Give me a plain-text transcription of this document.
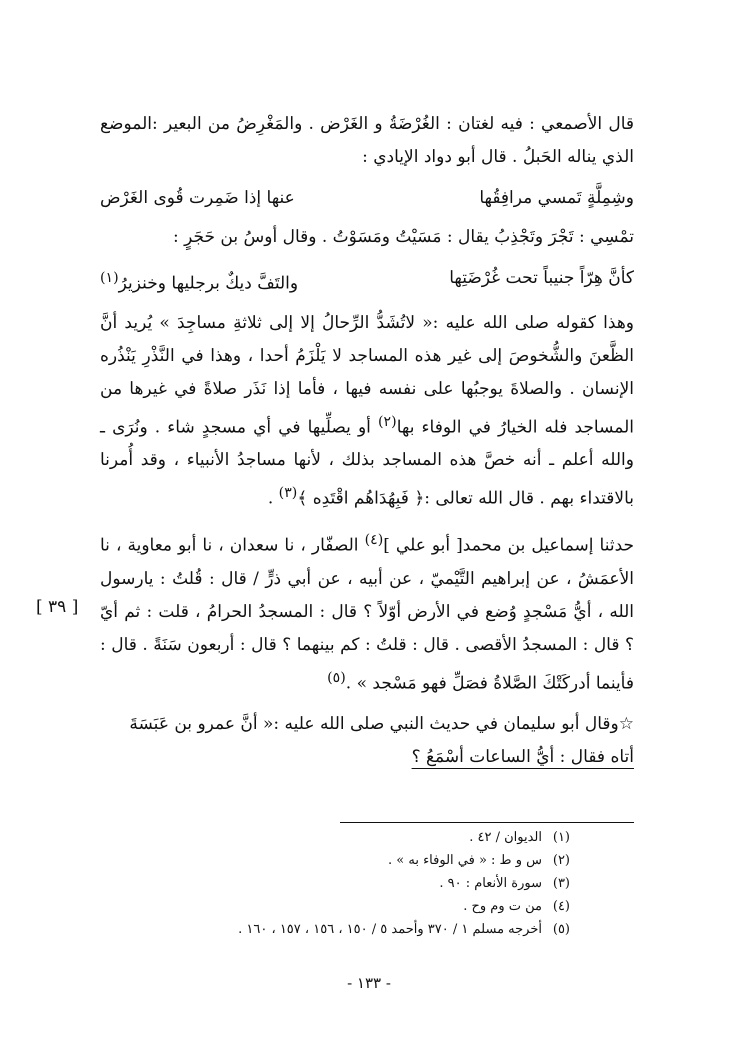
قال الأصمعي : فيه لغتان : الغُرْضَةُ و الغَرْض . والمَغْرِضُ من البعير :الموضع الذي يناله الحَبلُ . قال أبو دواد الإيادي :

وشِمِلَّةٍ تَمسي مرافِقُها
عنها إذا ضَمِرت قُوى الغَرْض

تمْسِي : تَجْرَ وتَجْذِبُ يقال : مَسَيْتُ ومَسَوْتُ . وقال أوسُ بن حَجَرٍ :

كأنَّ هِرّاً جنيباً تحت غُرْضَتِها
والتَفَّ ديكٌ برجليها وخنزيرُ$^{(١)}$

وهذا كقوله صلى الله عليه :« لاتُشَدُّ الرِّحالُ إلا إلى ثلاثةِ مساجِدَ » يُريد أنَّ الظَّعنَ والشُّخوصَ إلى غير هذه المساجد لا يَلْزَمُ أحدا ، وهذا في النَّذْرِ يَنْذُره الإنسان . والصلاةَ يوجبُها على نفسه فيها ، فأما إذا نَذَر صلاةً في غيرها من المساجد فله الخيارُ في الوفاء بها$^{(٢)}$ أو يصلِّيها في أي مسجدٍ شاء . ونُرَى ـ والله أعلم ـ أنه خصَّ هذه المساجد بذلك ، لأنها مساجدُ الأنبياء ، وقد أُمرنا بالاقتداء بهم . قال الله تعالى :﴿ فَبِهُدَاهُم اقْتَدِه ﴾$^{(٣)}$ .

حدثنا إسماعيل بن محمد[ أبو علي ]$^{(٤)}$ الصفّار ، نا سعدان ، نا أبو معاوية ، نا الأعمَشُ ، عن إبراهيم التَّيْميّ ، عن أبيه ، عن أبي ذرٍّ / قال : قُلتُ : يارسول الله ، أيُّ مَسْجدٍ وُضع في الأرض أوّلاً ؟ قال : المسجدُ الحرامُ ، قلت : ثم أيّ ؟ قال : المسجدُ الأقصى . قال : قلتُ : كم بينهما ؟ قال : أربعون سَنَةً . قال : فأينما أدركَتْكَ الصَّلاةُ فصَلِّ فهو مَسْجد » .$^{(٥)}$

☆وقال أبو سليمان في حديث النبي صلى الله عليه :« أنَّ عمرو بن عَبَسَةَ
أتاه فقال : أيُّ الساعات أسْمَعُ ؟

[ ٣٩ ]
(١)الديوان / ٤٢ .
(٢)س و ط : « في الوفاء به » .
(٣)سورة الأنعام : ٩٠ .
(٤)من ت وم وح .
(٥)أخرجه مسلم ١ / ٣٧٠ وأحمد ٥ / ١٥٠ ، ١٥٦ ، ١٥٧ ، ١٦٠ .
- ١٣٣ -
